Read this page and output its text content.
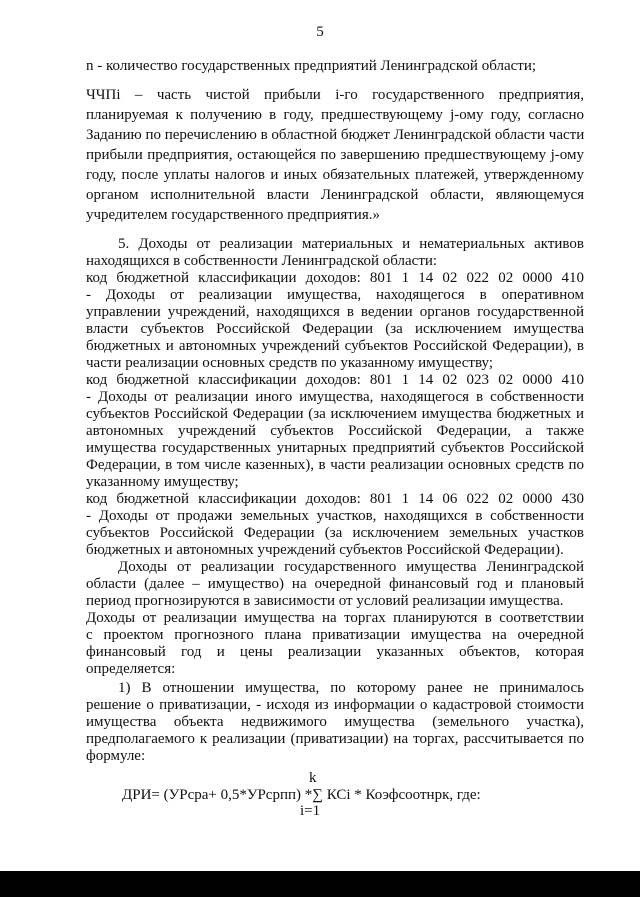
5
n - количество государственных предприятий Ленинградской области;
ЧЧПi – часть чистой прибыли i-го государственного предприятия,
планируемая к получению в году, предшествующему j-ому году, согласно
Заданию по перечислению в областной бюджет Ленинградской области части
прибыли предприятия, остающейся по завершению предшествующему j-ому
году, после уплаты налогов и иных обязательных платежей, утвержденному
органом исполнительной власти Ленинградской области, являющемуся
учредителем государственного предприятия.»
5. Доходы от реализации материальных и нематериальных активов
находящихся в собственности Ленинградской области:
код бюджетной классификации доходов: 801 1 14 02 022 02 0000 410
- Доходы от реализации имущества, находящегося в оперативном
управлении учреждений, находящихся в ведении органов государственной
власти субъектов Российской Федерации (за исключением имущества
бюджетных и автономных учреждений субъектов Российской Федерации), в
части реализации основных средств по указанному имуществу;
код бюджетной классификации доходов: 801 1 14 02 023 02 0000 410
- Доходы от реализации иного имущества, находящегося в собственности
субъектов Российской Федерации (за исключением имущества бюджетных и
автономных учреждений субъектов Российской Федерации, а также
имущества государственных унитарных предприятий субъектов Российской
Федерации, в том числе казенных), в части реализации основных средств по
указанному имуществу;
код бюджетной классификации доходов: 801 1 14 06 022 02 0000 430
- Доходы от продажи земельных участков, находящихся в собственности
субъектов Российской Федерации (за исключением земельных участков
бюджетных и автономных учреждений субъектов Российской Федерации).
Доходы от реализации государственного имущества Ленинградской
области (далее – имущество) на очередной финансовый год и плановый
период прогнозируются в зависимости от условий реализации имущества.
Доходы от реализации имущества на торгах планируются в соответствии
с проектом прогнозного плана приватизации имущества на очередной
финансовый год и цены реализации указанных объектов, которая
определяется:
1) В отношении имущества, по которому ранее не принималось
решение о приватизации, - исходя из информации о кадастровой стоимости
имущества объекта недвижимого имущества (земельного участка),
предполагаемого к реализации (приватизации) на торгах, рассчитывается по
формуле:
k
ДРИ= (УРсра+ 0,5*УРсрпп) *∑ КСi * Коэфсоотнрк, где:
i=1
